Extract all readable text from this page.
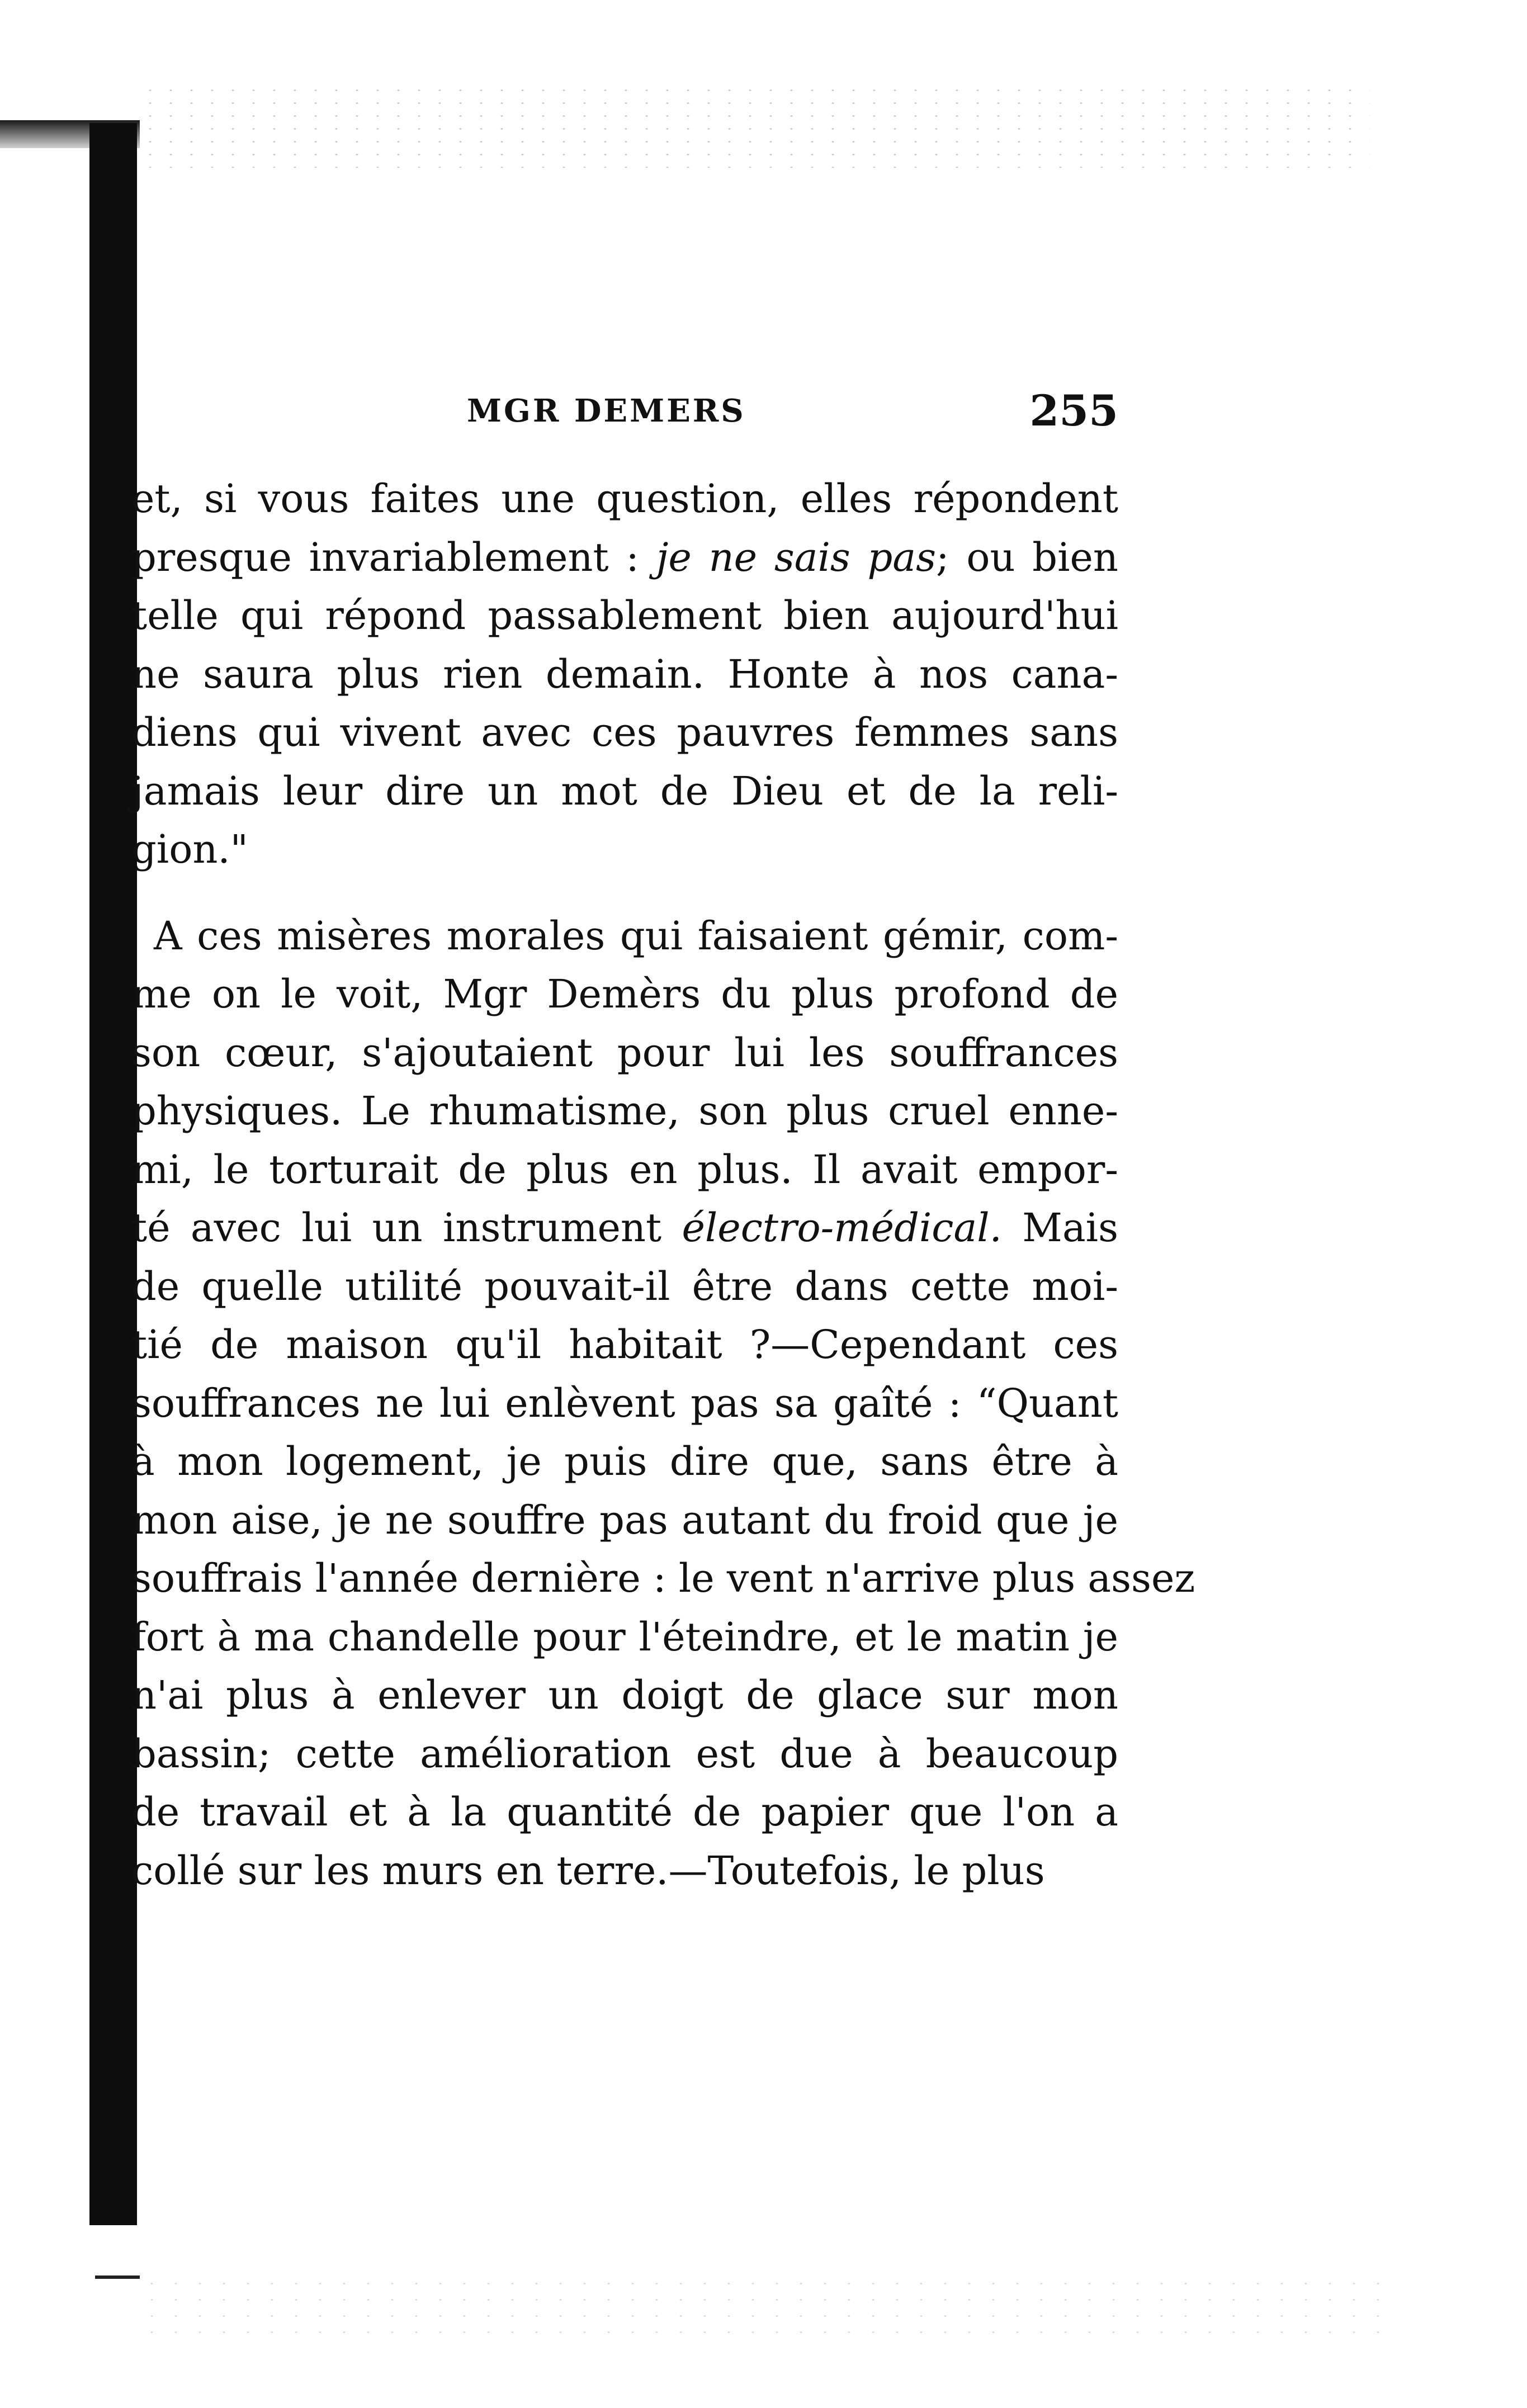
MGR DEMERS	255
et, si vous faites une question, elles répondent
presque invariablement : je ne sais pas; ou bien
telle qui répond passablement bien aujourd'hui
ne saura plus rien demain. Honte à nos cana-
diens qui vivent avec ces pauvres femmes sans
jamais leur dire un mot de Dieu et de la reli-
gion."
A ces misères morales qui faisaient gémir, com-
me on le voit, Mgr Demèrs du plus profond de
son cœur, s'ajoutaient pour lui les souffrances
physiques. Le rhumatisme, son plus cruel enne-
mi, le torturait de plus en plus. Il avait empor-
té avec lui un instrument électro-médical. Mais
de quelle utilité pouvait-il être dans cette moi-
tié de maison qu'il habitait ?—Cependant ces
souffrances ne lui enlèvent pas sa gaîté : “Quant
à mon logement, je puis dire que, sans être à
mon aise, je ne souffre pas autant du froid que je
souffrais l'année dernière : le vent n'arrive plus assez
fort à ma chandelle pour l'éteindre, et le matin je
n'ai plus à enlever un doigt de glace sur mon
bassin; cette amélioration est due à beaucoup
de travail et à la quantité de papier que l'on a
collé sur les murs en terre.—Toutefois, le plus
